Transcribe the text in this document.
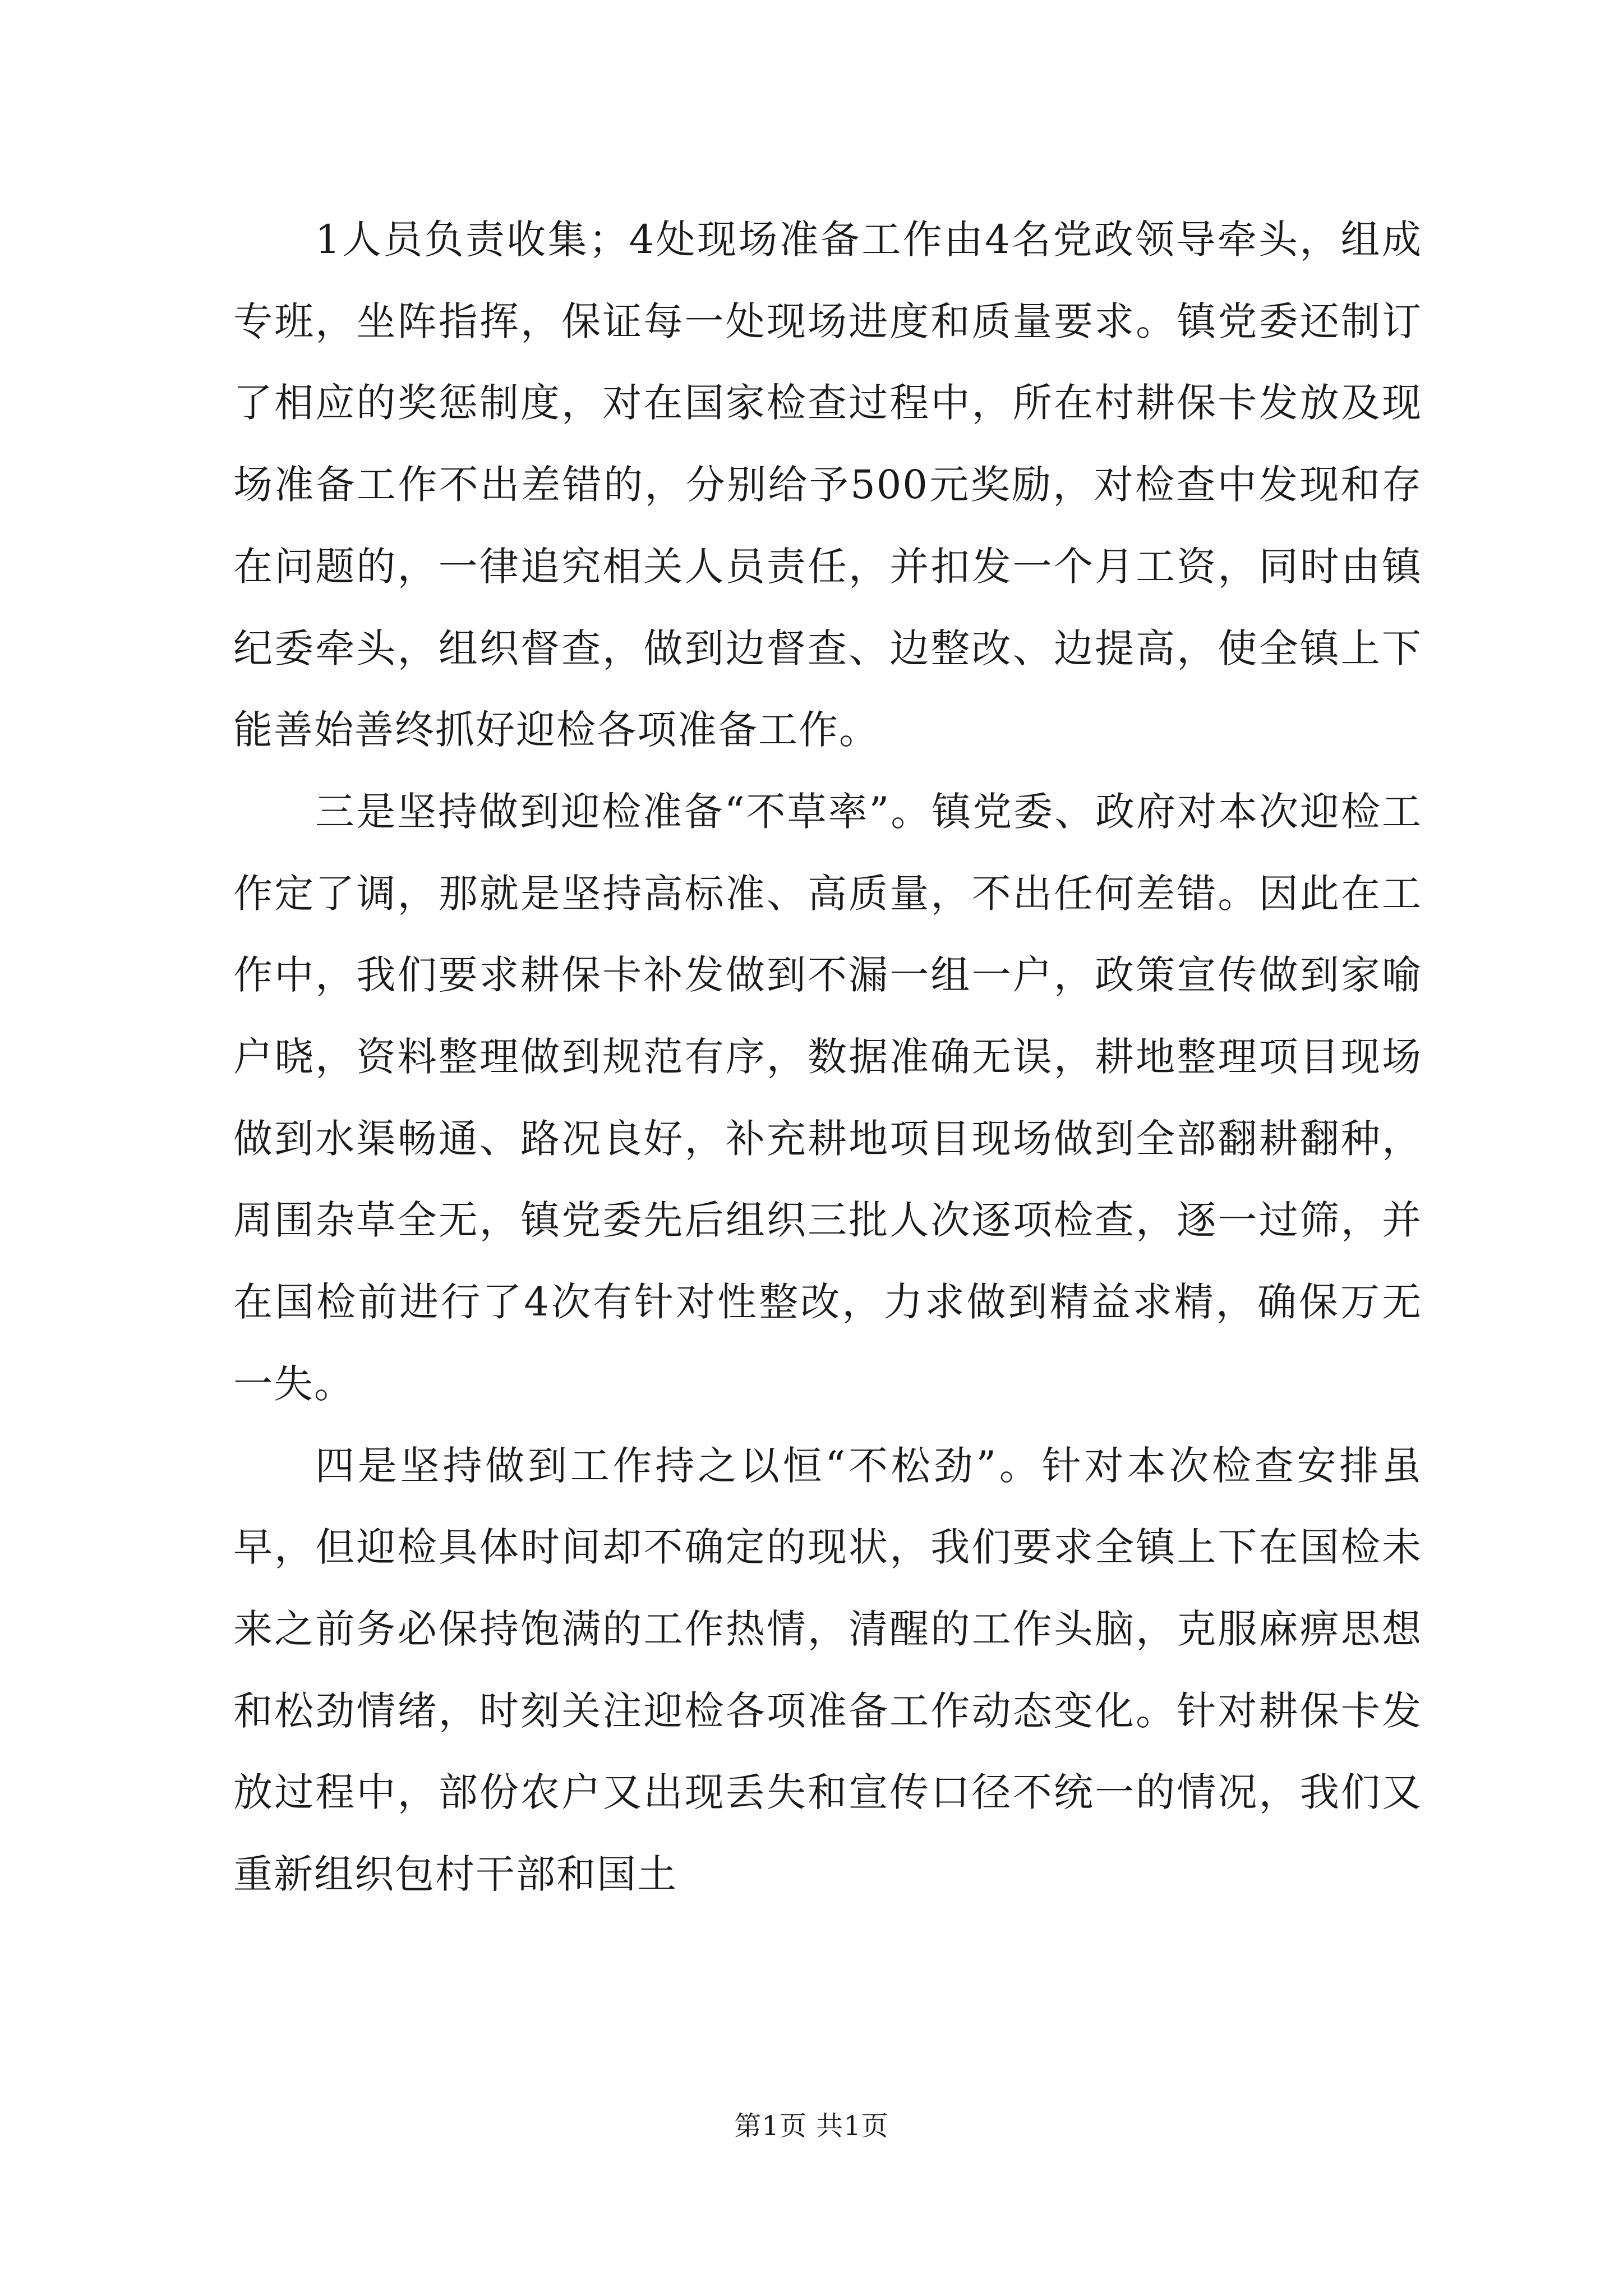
1人员负责收集；4处现场准备工作由4名党政领导牵头，组成专班，坐阵指挥，保证每一处现场进度和质量要求。镇党委还制订了相应的奖惩制度，对在国家检查过程中，所在村耕保卡发放及现场准备工作不出差错的，分别给予500元奖励，对检查中发现和存在问题的，一律追究相关人员责任，并扣发一个月工资，同时由镇纪委牵头，组织督查，做到边督查、边整改、边提高，使全镇上下能善始善终抓好迎检各项准备工作。

三是坚持做到迎检准备“不草率”。镇党委、政府对本次迎检工作定了调，那就是坚持高标准、高质量，不出任何差错。因此在工作中，我们要求耕保卡补发做到不漏一组一户，政策宣传做到家喻户晓，资料整理做到规范有序，数据准确无误，耕地整理项目现场做到水渠畅通、路况良好，补充耕地项目现场做到全部翻耕翻种，周围杂草全无，镇党委先后组织三批人次逐项检查，逐一过筛，并在国检前进行了4次有针对性整改，力求做到精益求精，确保万无一失。

四是坚持做到工作持之以恒“不松劲”。针对本次检查安排虽早，但迎检具体时间却不确定的现状，我们要求全镇上下在国检未来之前务必保持饱满的工作热情，清醒的工作头脑，克服麻痹思想和松劲情绪，时刻关注迎检各项准备工作动态变化。针对耕保卡发放过程中，部份农户又出现丢失和宣传口径不统一的情况，我们又重新组织包村干部和国土

第1页 共1页
